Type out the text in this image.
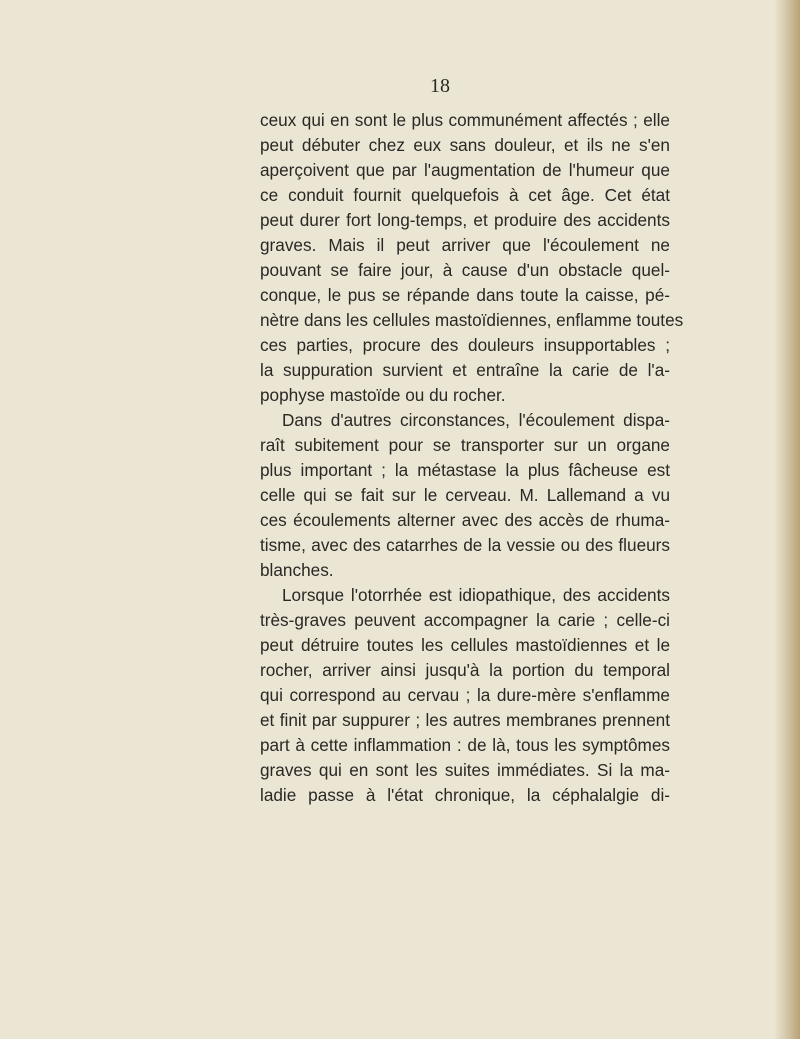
18
ceux qui en sont le plus communément affectés ; elle
peut débuter chez eux sans douleur, et ils ne s'en
aperçoivent que par l'augmentation de l'humeur que
ce conduit fournit quelquefois à cet âge. Cet état
peut durer fort long-temps, et produire des accidents
graves. Mais il peut arriver que l'écoulement ne
pouvant se faire jour, à cause d'un obstacle quel-
conque, le pus se répande dans toute la caisse, pé-
nètre dans les cellules mastoïdiennes, enflamme toutes
ces parties, procure des douleurs insupportables ;
la suppuration survient et entraîne la carie de l'a-
pophyse mastoïde ou du rocher.
Dans d'autres circonstances, l'écoulement dispa-
raît subitement pour se transporter sur un organe
plus important ; la métastase la plus fâcheuse est
celle qui se fait sur le cerveau. M. Lallemand a vu
ces écoulements alterner avec des accès de rhuma-
tisme, avec des catarrhes de la vessie ou des flueurs
blanches.
Lorsque l'otorrhée est idiopathique, des accidents
très-graves peuvent accompagner la carie ; celle-ci
peut détruire toutes les cellules mastoïdiennes et le
rocher, arriver ainsi jusqu'à la portion du temporal
qui correspond au cervau ; la dure-mère s'enflamme
et finit par suppurer ; les autres membranes prennent
part à cette inflammation : de là, tous les symptômes
graves qui en sont les suites immédiates. Si la ma-
ladie passe à l'état chronique, la céphalalgie di-
